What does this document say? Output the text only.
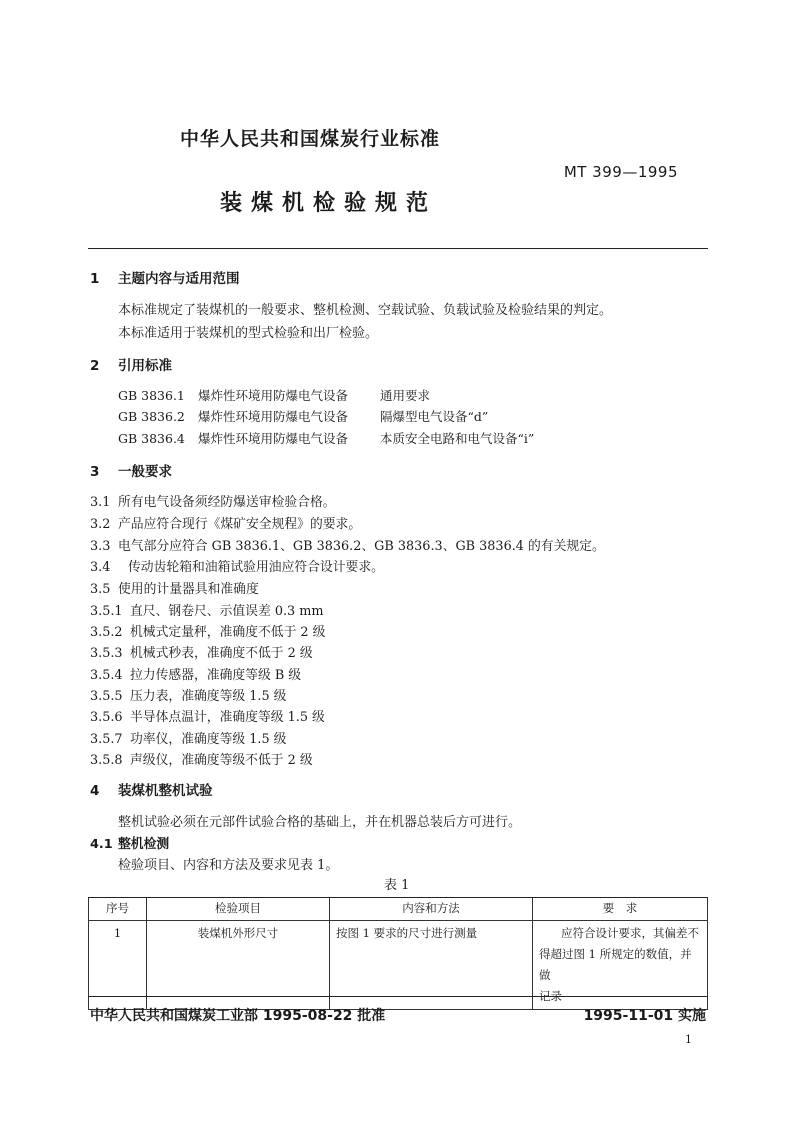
中华人民共和国煤炭行业标准
MT 399—1995
装煤机检验规范
1 主题内容与适用范围
本标准规定了装煤机的一般要求、整机检测、空载试验、负载试验及检验结果的判定。
本标准适用于装煤机的型式检验和出厂检验。
2 引用标准
GB 3836.1 爆炸性环境用防爆电气设备	通用要求
GB 3836.2 爆炸性环境用防爆电气设备	隔爆型电气设备“d”
GB 3836.4 爆炸性环境用防爆电气设备	本质安全电路和电气设备“i”
3 一般要求
3.1 所有电气设备须经防爆送审检验合格。
3.2 产品应符合现行《煤矿安全规程》的要求。
3.3 电气部分应符合 GB 3836.1、GB 3836.2、GB 3836.3、GB 3836.4 的有关规定。
3.4 传动齿轮箱和油箱试验用油应符合设计要求。
3.5 使用的计量器具和准确度
3.5.1 直尺、钢卷尺、示值误差 0.3 mm
3.5.2 机械式定量秤，准确度不低于 2 级
3.5.3 机械式秒表，准确度不低于 2 级
3.5.4 拉力传感器，准确度等级 B 级
3.5.5 压力表，准确度等级 1.5 级
3.5.6 半导体点温计，准确度等级 1.5 级
3.5.7 功率仪，准确度等级 1.5 级
3.5.8 声级仪，准确度等级不低于 2 级
4 装煤机整机试验
整机试验必须在元部件试验合格的基础上，并在机器总装后方可进行。
4.1 整机检测
检验项目、内容和方法及要求见表 1。
表 1
序号	检验项目	内容和方法	要　求
1	装煤机外形尺寸	按图 1 要求的尺寸进行测量	应符合设计要求，其偏差不
得超过图 1 所规定的数值，并做
记录
中华人民共和国煤炭工业部 1995-08-22 批准	1995-11-01 实施
1
